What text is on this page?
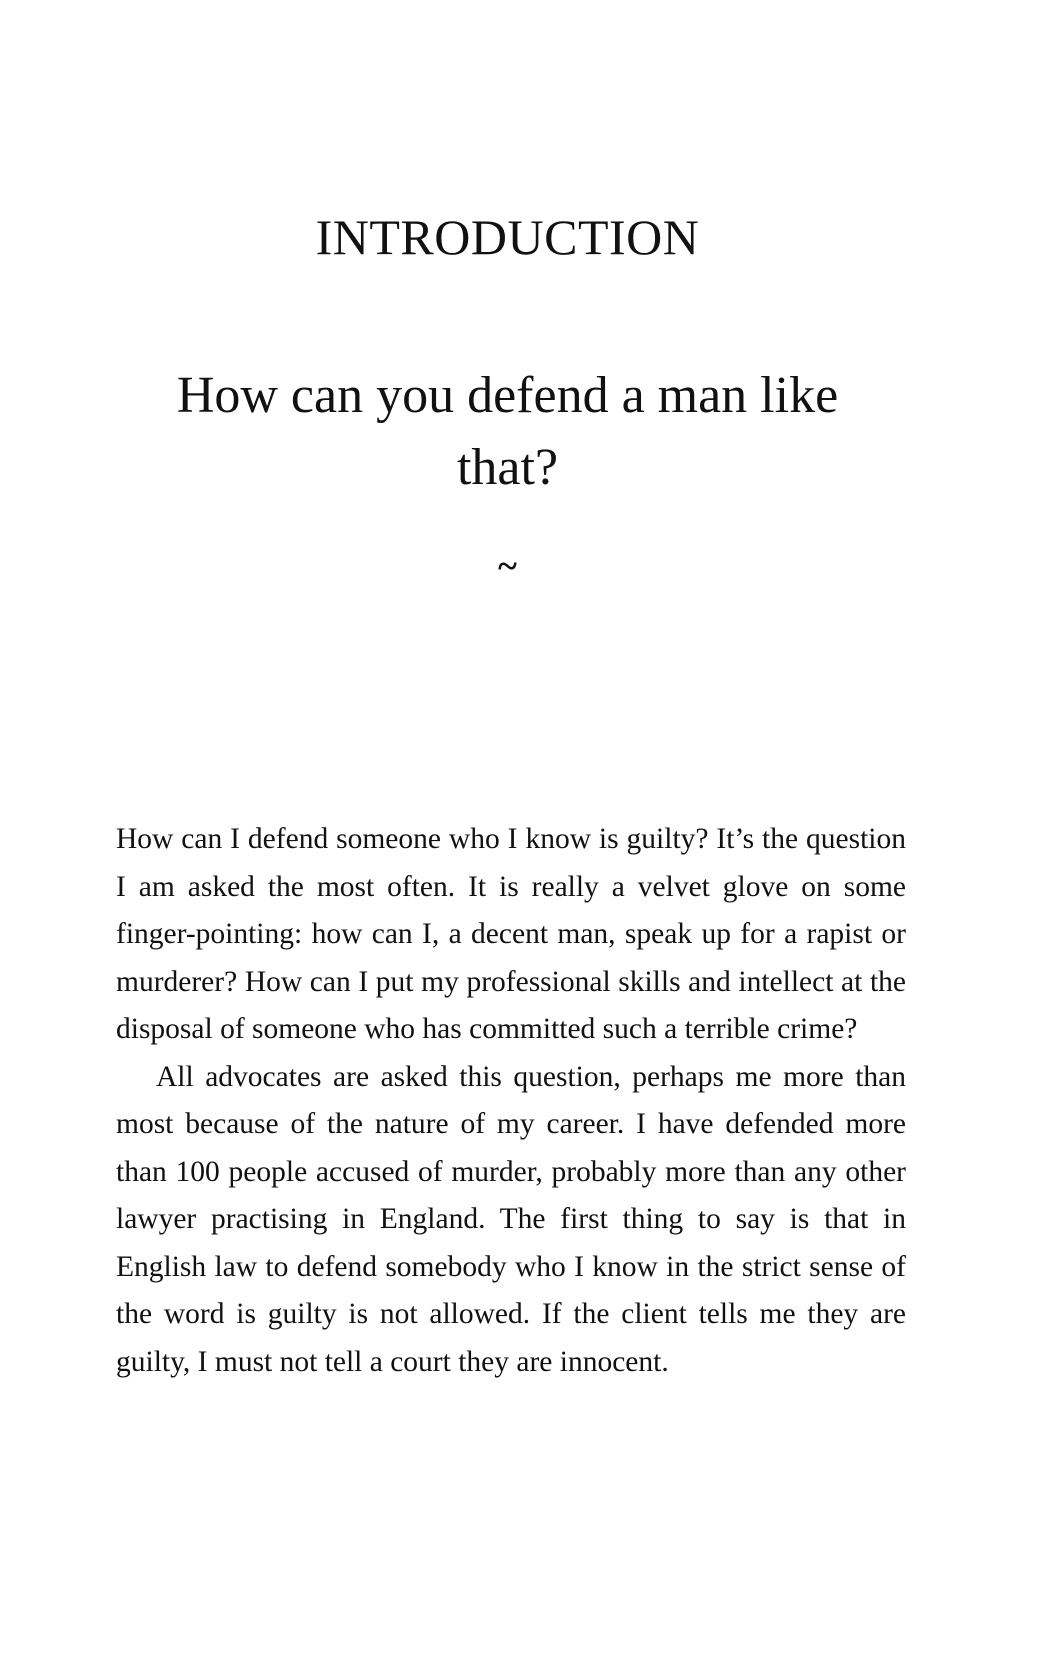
INTRODUCTION
How can you defend a man like that?
~

How can I defend someone who I know is guilty? It’s the question I am asked the most often. It is really a velvet glove on some finger-pointing: how can I, a decent man, speak up for a rapist or murderer? How can I put my professional skills and intellect at the disposal of someone who has committed such a terrible crime?

All advocates are asked this question, perhaps me more than most because of the nature of my career. I have defended more than 100 people accused of murder, probably more than any other lawyer practising in England. The first thing to say is that in English law to defend somebody who I know in the strict sense of the word is guilty is not allowed. If the client tells me they are guilty, I must not tell a court they are innocent.
